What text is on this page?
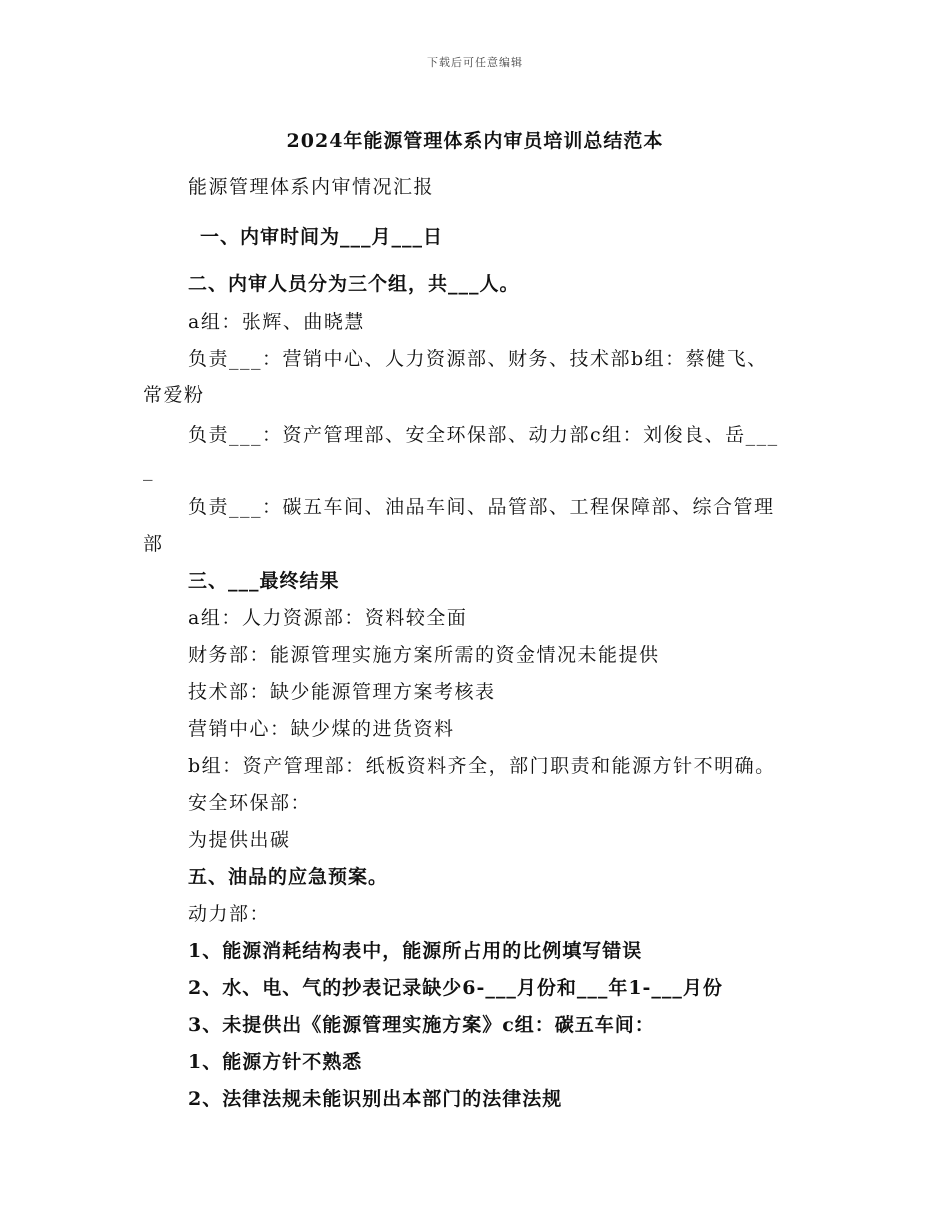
下载后可任意编辑
2024年能源管理体系内审员培训总结范本
能源管理体系内审情况汇报
一、内审时间为___月___日
二、内审人员分为三个组，共___人。
a组：张辉、曲晓慧
负责___：营销中心、人力资源部、财务、技术部b组：蔡健飞、
常爱粉
负责___：资产管理部、安全环保部、动力部c组：刘俊良、岳___
_
负责___：碳五车间、油品车间、品管部、工程保障部、综合管理
部
三、___最终结果
a组：人力资源部：资料较全面
财务部：能源管理实施方案所需的资金情况未能提供
技术部：缺少能源管理方案考核表
营销中心：缺少煤的进货资料
b组：资产管理部：纸板资料齐全，部门职责和能源方针不明确。
安全环保部：
为提供出碳
五、油品的应急预案。
动力部：
1、能源消耗结构表中，能源所占用的比例填写错误
2、水、电、气的抄表记录缺少6-___月份和___年1-___月份
3、未提供出《能源管理实施方案》c组：碳五车间：
1、能源方针不熟悉
2、法律法规未能识别出本部门的法律法规
